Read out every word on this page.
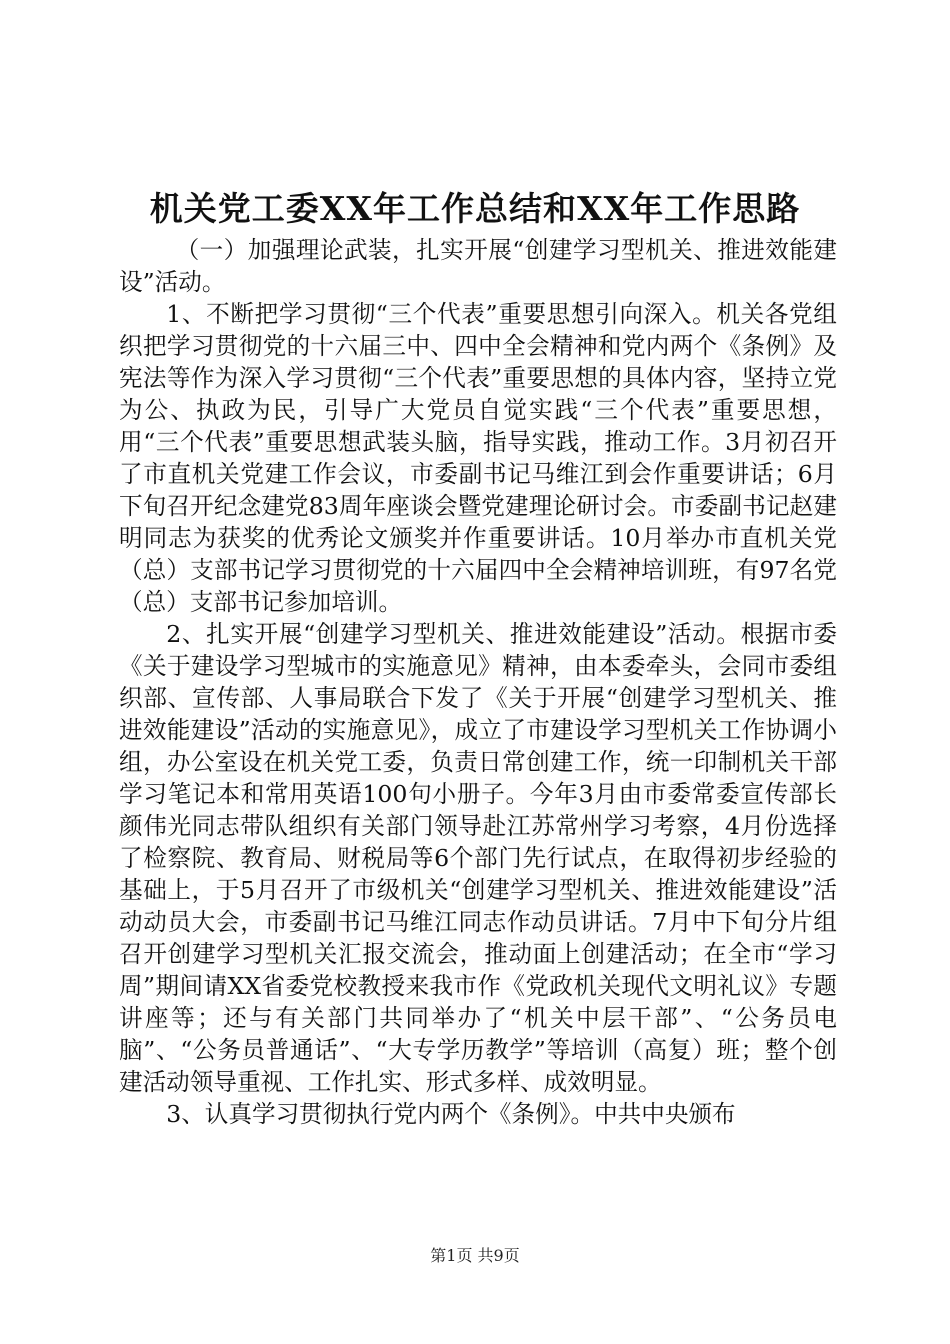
机关党工委XX年工作总结和XX年工作思路

（一）加强理论武装，扎实开展“创建学习型机关、推进效能建设”活动。

1、不断把学习贯彻“三个代表”重要思想引向深入。机关各党组织把学习贯彻党的十六届三中、四中全会精神和党内两个《条例》及宪法等作为深入学习贯彻“三个代表”重要思想的具体内容，坚持立党为公、执政为民，引导广大党员自觉实践“三个代表”重要思想，用“三个代表”重要思想武装头脑，指导实践，推动工作。3月初召开了市直机关党建工作会议，市委副书记马维江到会作重要讲话；6月下旬召开纪念建党83周年座谈会暨党建理论研讨会。市委副书记赵建明同志为获奖的优秀论文颁奖并作重要讲话。10月举办市直机关党（总）支部书记学习贯彻党的十六届四中全会精神培训班，有97名党（总）支部书记参加培训。

2、扎实开展“创建学习型机关、推进效能建设”活动。根据市委《关于建设学习型城市的实施意见》精神，由本委牵头，会同市委组织部、宣传部、人事局联合下发了《关于开展“创建学习型机关、推进效能建设”活动的实施意见》，成立了市建设学习型机关工作协调小组，办公室设在机关党工委，负责日常创建工作，统一印制机关干部学习笔记本和常用英语100句小册子。今年3月由市委常委宣传部长颜伟光同志带队组织有关部门领导赴江苏常州学习考察，4月份选择了检察院、教育局、财税局等6个部门先行试点，在取得初步经验的基础上，于5月召开了市级机关“创建学习型机关、推进效能建设”活动动员大会，市委副书记马维江同志作动员讲话。7月中下旬分片组召开创建学习型机关汇报交流会，推动面上创建活动；在全市“学习周”期间请XX省委党校教授来我市作《党政机关现代文明礼议》专题讲座等；还与有关部门共同举办了“机关中层干部”、“公务员电脑”、“公务员普通话”、“大专学历教学”等培训（高复）班；整个创建活动领导重视、工作扎实、形式多样、成效明显。

3、认真学习贯彻执行党内两个《条例》。中共中央颁布

第1页 共9页
